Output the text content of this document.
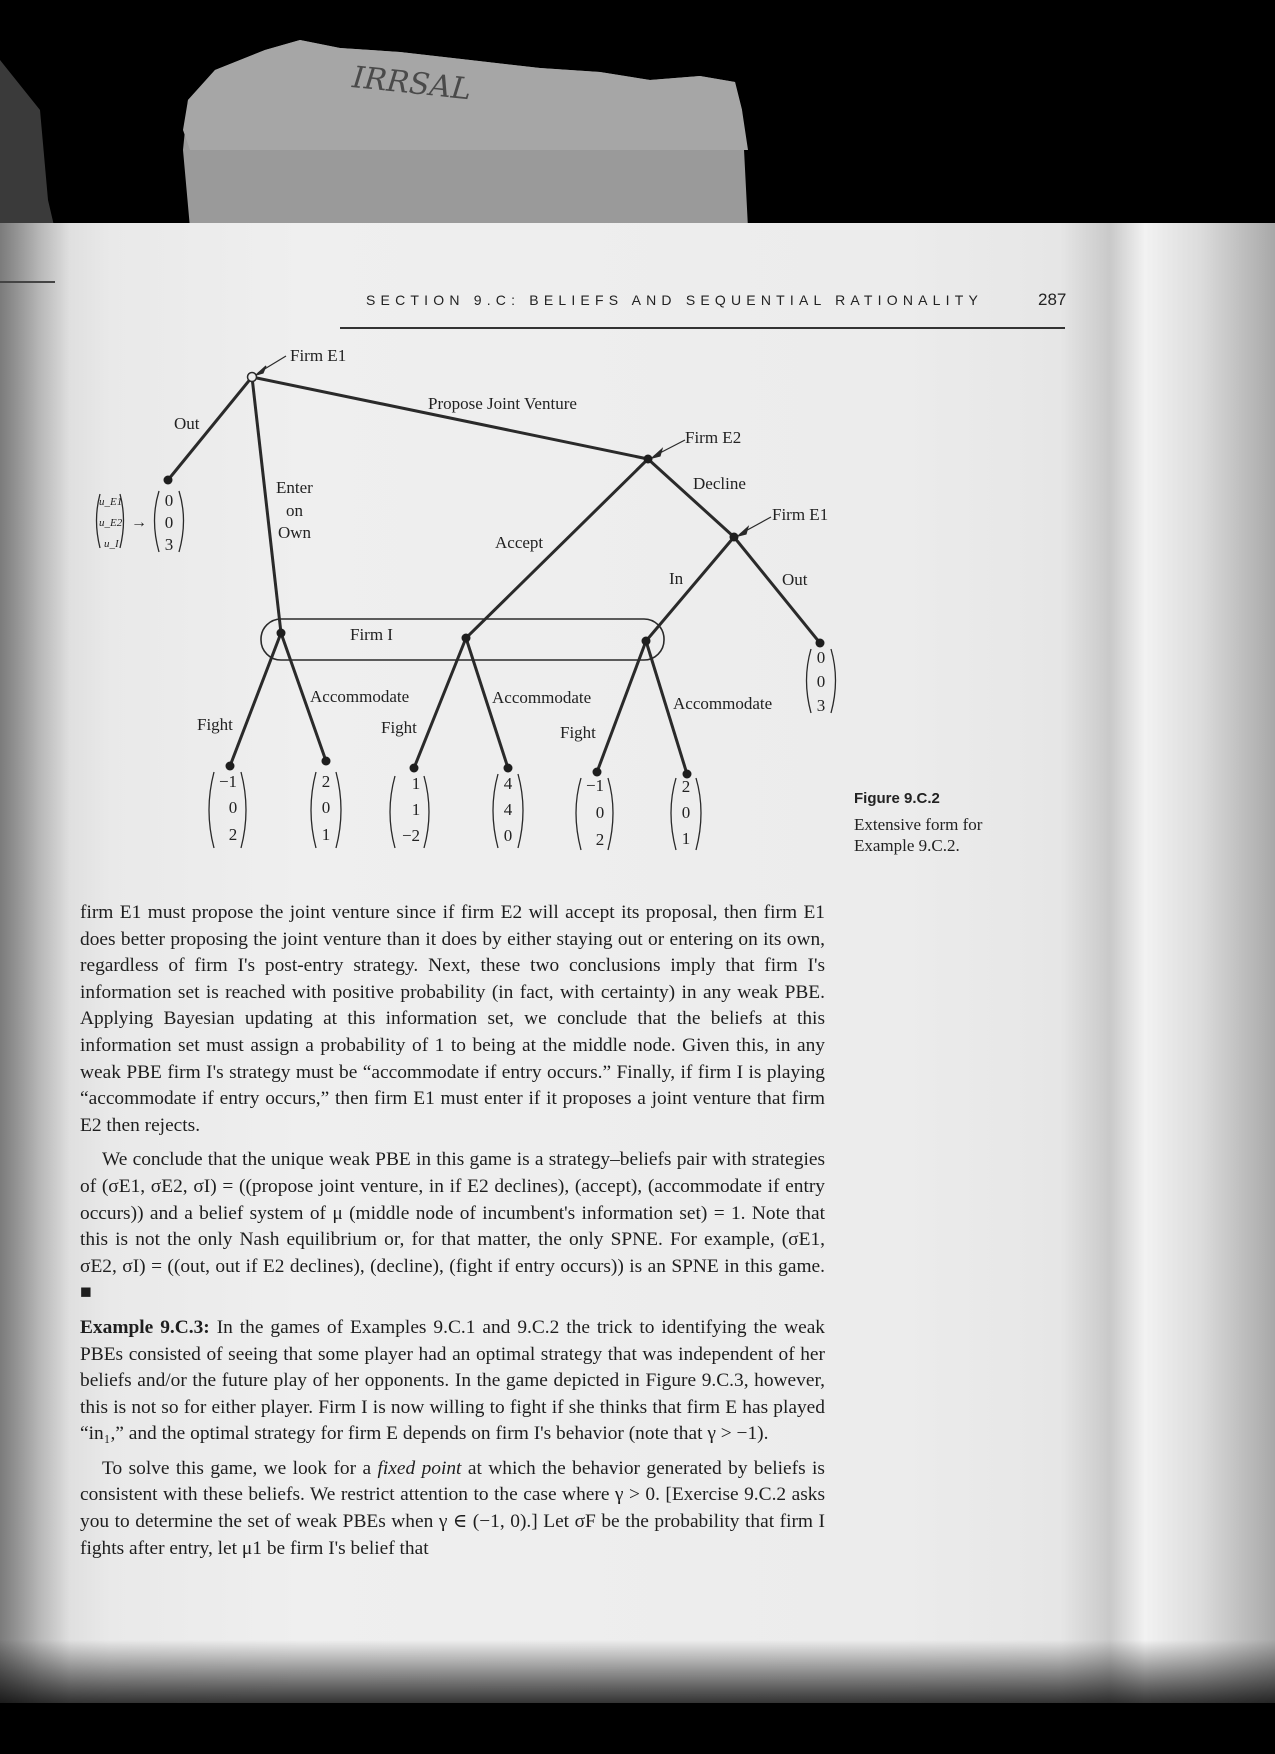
IRRSAL
SECTION 9.C: BELIEFS AND SEQUENTIAL RATIONALITY	287
Firm E1
Firm E2
Firm E1
Firm I
Out
Enter
on
Own
Propose Joint Venture
Accept
Decline
In	Out
Fight
Accommodate
Fight
Accommodate
Fight
Accommodate
u_E1
u_E2
u_I
→
0
0
3
0
0
3
−1
0
2
2
0
1
1
1
−2
4
4
0
−1
0
2
2
0
1
Figure 9.C.2
Extensive form for Example 9.C.2.

firm E1 must propose the joint venture since if firm E2 will accept its proposal, then firm E1 does better proposing the joint venture than it does by either staying out or entering on its own, regardless of firm I's post-entry strategy. Next, these two conclusions imply that firm I's information set is reached with positive probability (in fact, with certainty) in any weak PBE. Applying Bayesian updating at this information set, we conclude that the beliefs at this information set must assign a probability of 1 to being at the middle node. Given this, in any weak PBE firm I's strategy must be “accommodate if entry occurs.” Finally, if firm I is playing “accommodate if entry occurs,” then firm E1 must enter if it proposes a joint venture that firm E2 then rejects.

We conclude that the unique weak PBE in this game is a strategy–beliefs pair with strategies of (σE1, σE2, σI) = ((propose joint venture, in if E2 declines), (accept), (accommodate if entry occurs)) and a belief system of μ (middle node of incumbent's information set) = 1. Note that this is not the only Nash equilibrium or, for that matter, the only SPNE. For example, (σE1, σE2, σI) = ((out, out if E2 declines), (decline), (fight if entry occurs)) is an SPNE in this game. ■

Example 9.C.3: In the games of Examples 9.C.1 and 9.C.2 the trick to identifying the weak PBEs consisted of seeing that some player had an optimal strategy that was independent of her beliefs and/or the future play of her opponents. In the game depicted in Figure 9.C.3, however, this is not so for either player. Firm I is now willing to fight if she thinks that firm E has played “in₁,” and the optimal strategy for firm E depends on firm I's behavior (note that γ > −1).

To solve this game, we look for a fixed point at which the behavior generated by beliefs is consistent with these beliefs. We restrict attention to the case where γ > 0. [Exercise 9.C.2 asks you to determine the set of weak PBEs when γ ∈ (−1, 0).] Let σF be the probability that firm I fights after entry, let μ1 be firm I's belief that
